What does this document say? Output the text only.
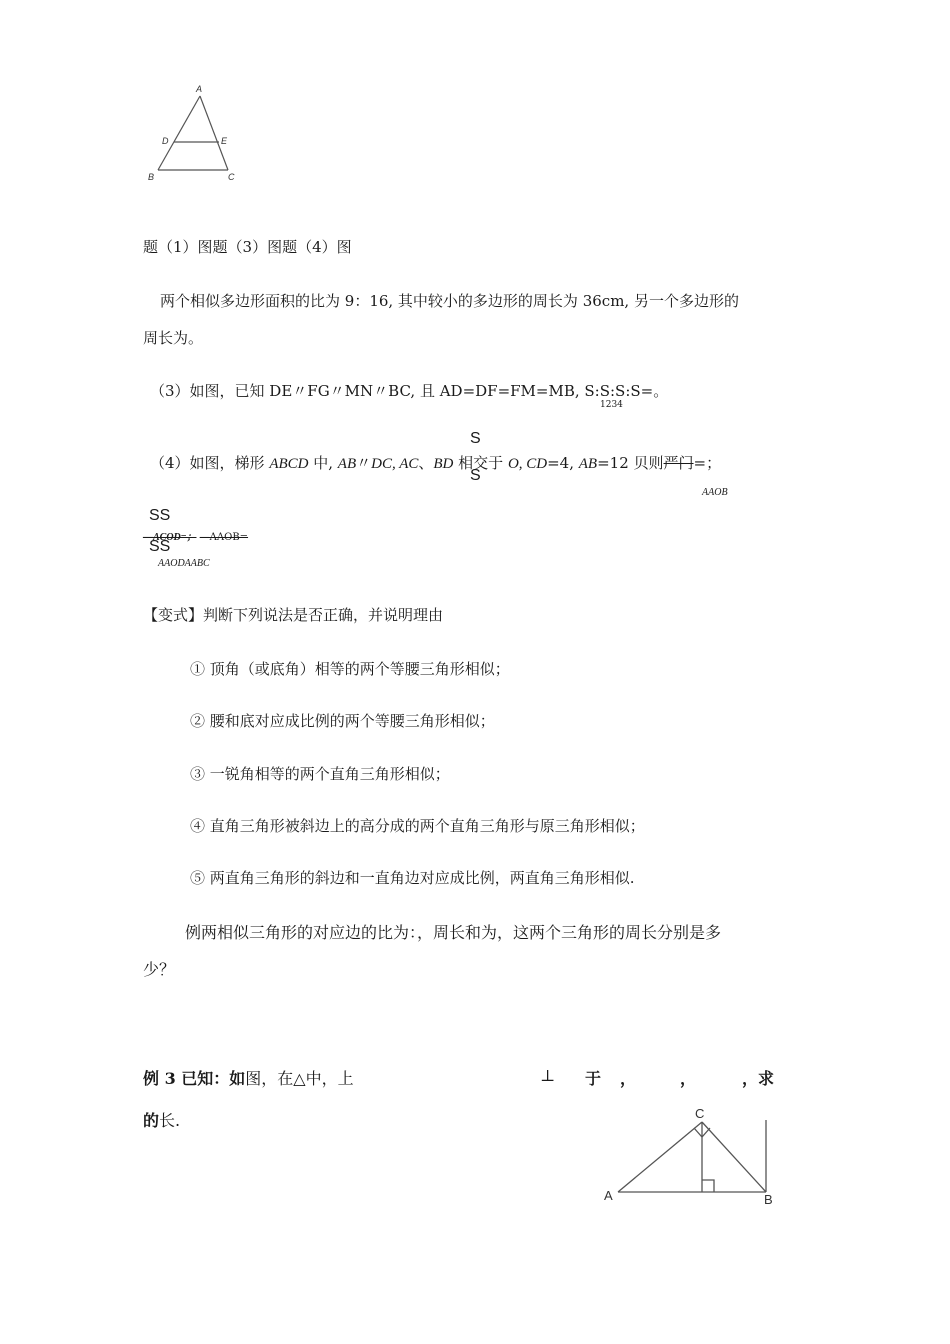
A
D	E
B	C
题（1）图题（3）图题（4）图
两个相似多边形面积的比为 9：16, 其中较小的多边形的周长为 36cm, 另一个多边形的
周长为。
（3）如图，已知 DE〃FG〃MN〃BC, 且 AD=DF=FM=MB, S:S:S:S=。
1234
S
S
（4）如图，梯形 ABCD 中, AB〃DC, AC、BD 相交于 O, CD=4, AB=12 贝则严门=；
AAOB
SS
—ACOD=； —AAOB=
SS
AAODAABC
【变式】判断下列说法是否正确，并说明理由
① 顶角（或底角）相等的两个等腰三角形相似；
② 腰和底对应成比例的两个等腰三角形相似；
③ 一锐角相等的两个直角三角形相似；
④ 直角三角形被斜边上的高分成的两个直角三角形与原三角形相似；
⑤ 两直角三角形的斜边和一直角边对应成比例，两直角三角形相似.
例两相似三角形的对应边的比为：，周长和为，这两个三角形的周长分别是多
少？
例 3 已知：如图，在△中，上	⊥ 于 ，	，	，求
的长.	C
A	B
